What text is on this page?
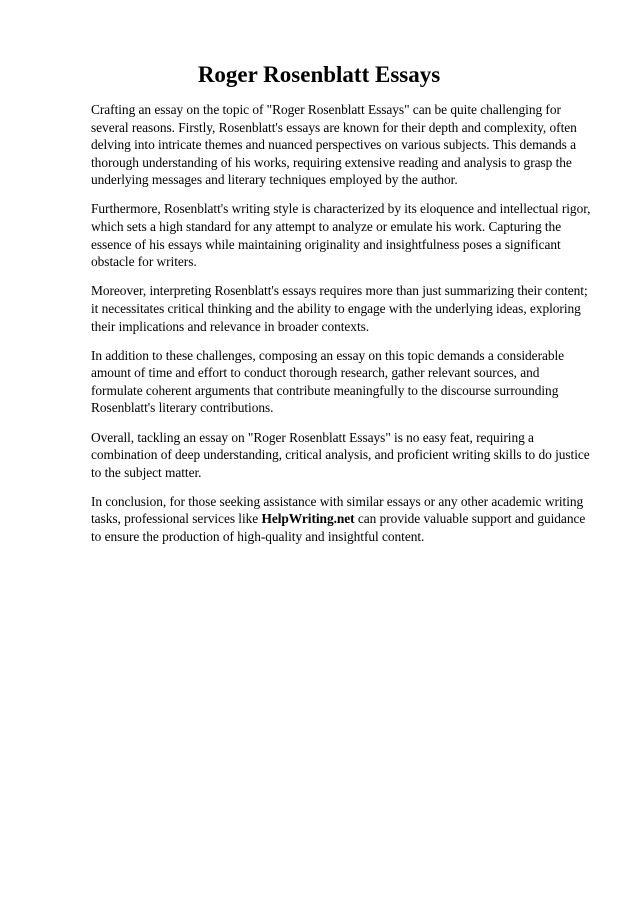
Roger Rosenblatt Essays

Crafting an essay on the topic of "Roger Rosenblatt Essays" can be quite challenging for several reasons. Firstly, Rosenblatt's essays are known for their depth and complexity, often delving into intricate themes and nuanced perspectives on various subjects. This demands a thorough understanding of his works, requiring extensive reading and analysis to grasp the underlying messages and literary techniques employed by the author.

Furthermore, Rosenblatt's writing style is characterized by its eloquence and intellectual rigor, which sets a high standard for any attempt to analyze or emulate his work. Capturing the essence of his essays while maintaining originality and insightfulness poses a significant obstacle for writers.

Moreover, interpreting Rosenblatt's essays requires more than just summarizing their content; it necessitates critical thinking and the ability to engage with the underlying ideas, exploring their implications and relevance in broader contexts.

In addition to these challenges, composing an essay on this topic demands a considerable amount of time and effort to conduct thorough research, gather relevant sources, and formulate coherent arguments that contribute meaningfully to the discourse surrounding Rosenblatt's literary contributions.

Overall, tackling an essay on "Roger Rosenblatt Essays" is no easy feat, requiring a combination of deep understanding, critical analysis, and proficient writing skills to do justice to the subject matter.

In conclusion, for those seeking assistance with similar essays or any other academic writing tasks, professional services like HelpWriting.net can provide valuable support and guidance to ensure the production of high-quality and insightful content.
